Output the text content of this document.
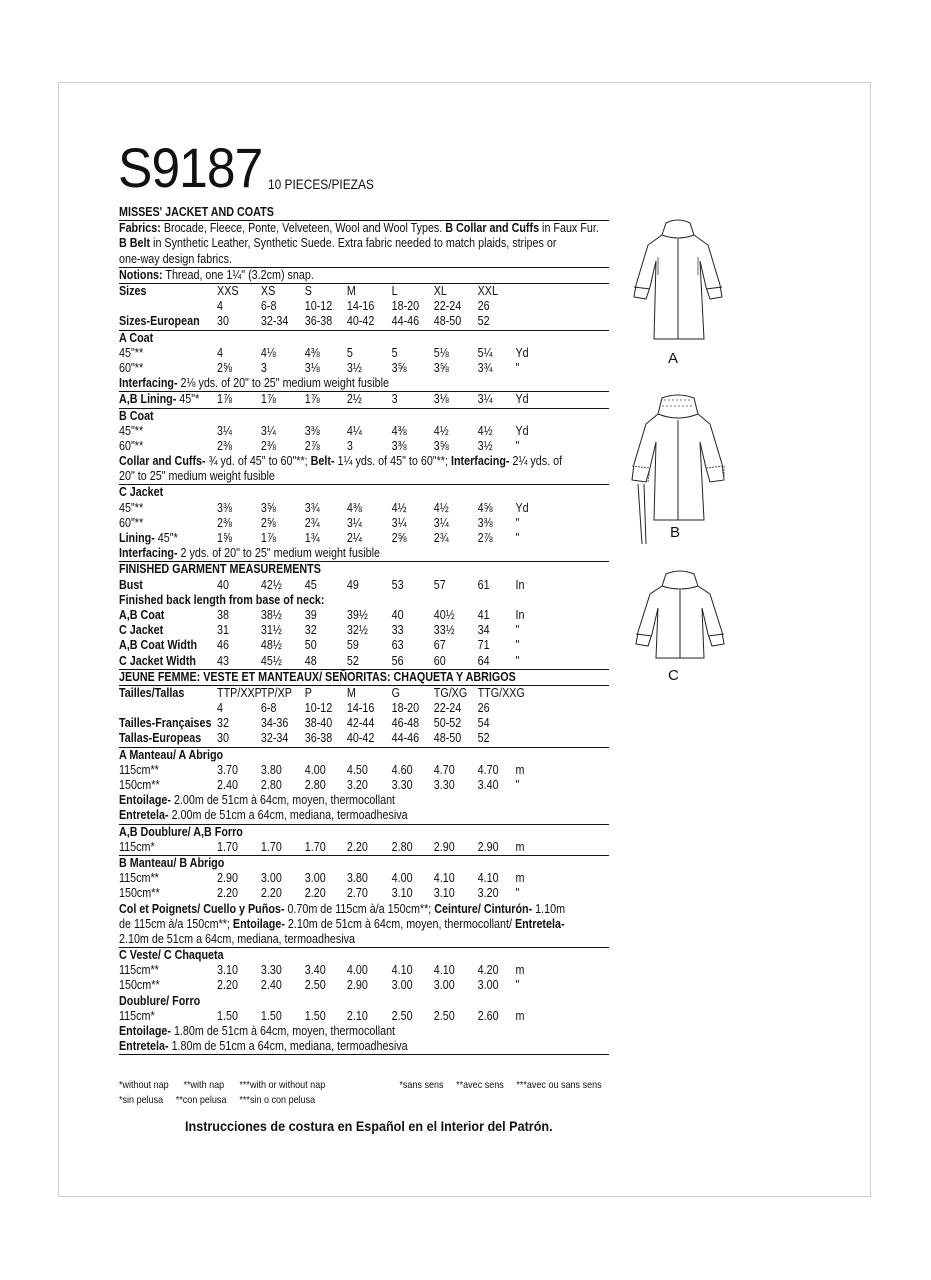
S9187 10 PIECES/PIEZAS
MISSES' JACKET AND COATS
Fabrics: Brocade, Fleece, Ponte, Velveteen, Wool and Wool Types. B Collar and Cuffs in Faux Fur.
B Belt in Synthetic Leather, Synthetic Suede. Extra fabric needed to match plaids, stripes or
one-way design fabrics.
Notions: Thread, one 1¼" (3.2cm) snap.
Sizes	XXS XS S	M	L	XL XXL
4	6-8 10-12 14-16 18-20 22-24 26
Sizes-European 30	32-34 36-38 40-42 44-46 48-50 52
A Coat
45"**	4	4⅛ 4⅜ 5	5	5⅛ 5¼ Yd
60"**	2⅝ 3	3⅛ 3½ 3⅝ 3⅝ 3¾ "
Interfacing- 2⅛ yds. of 20" to 25" medium weight fusible
A,B Lining- 45"* 1⅞ 1⅞ 1⅞ 2½ 3	3⅛ 3¼ Yd
B Coat
45"**	3¼ 3¼ 3⅜ 4¼ 4⅜ 4½ 4½ Yd
60"**	2⅜ 2⅜ 2⅞ 3	3⅜ 3⅝ 3½ "
Collar and Cuffs- ¾ yd. of 45" to 60"**; Belt- 1¼ yds. of 45" to 60"**; Interfacing- 2¼ yds. of
20" to 25" medium weight fusible
C Jacket
45"**	3⅜ 3⅝ 3¾ 4⅜ 4½ 4½ 4⅝ Yd
60"**	2⅜ 2⅝ 2¾ 3¼ 3¼ 3¼ 3⅜ "
Lining- 45"*	1⅝ 1⅞ 1¾ 2¼ 2⅝ 2¾ 2⅞ "
Interfacing- 2 yds. of 20" to 25" medium weight fusible
FINISHED GARMENT MEASUREMENTS
Bust	40	42½ 45 49	53 57	61 In
Finished back length from base of neck:
A,B Coat	38	38½ 39 39½ 40 40½ 41 In
C Jacket	31	31½ 32 32½ 33 33½ 34 "
A,B Coat Width 46	48½ 50 59	63 67	71 "
C Jacket Width 43	45½ 48 52	56 60	64 "
JEUNE FEMME: VESTE ET MANTEAUX/ SEÑORITAS: CHAQUETA Y ABRIGOS
Tailles/Tallas	TTP/XXP TP/XP P	M	G	TG/XG TTG/XXG
4	6-8 10-12 14-16 18-20 22-24 26
Tailles-Françaises 32	34-36 38-40 42-44 46-48 50-52 54
Tallas-Europeas 30	32-34 36-38 40-42 44-46 48-50 52
A Manteau/ A Abrigo
115cm**	3.70 3.80 4.00 4.50 4.60 4.70 4.70 m
150cm**	2.40 2.80 2.80 3.20 3.30 3.30 3.40 "
Entoilage- 2.00m de 51cm à 64cm, moyen, thermocollant
Entretela- 2.00m de 51cm a 64cm, mediana, termoadhesiva
A,B Doublure/ A,B Forro
115cm*	1.70 1.70 1.70 2.20 2.80 2.90 2.90 m
B Manteau/ B Abrigo
115cm**	2.90 3.00 3.00 3.80 4.00 4.10 4.10 m
150cm**	2.20 2.20 2.20 2.70 3.10 3.10 3.20 "
Col et Poignets/ Cuello y Puños- 0.70m de 115cm à/a 150cm**; Ceinture/ Cinturón- 1.10m
de 115cm à/a 150cm**; Entoilage- 2.10m de 51cm à 64cm, moyen, thermocollant/ Entretela-
2.10m de 51cm a 64cm, mediana, termoadhesiva
C Veste/ C Chaqueta
115cm**	3.10 3.30 3.40 4.00 4.10 4.10 4.20 m
150cm**	2.20 2.40 2.50 2.90 3.00 3.00 3.00 "
Doublure/ Forro
115cm*	1.50 1.50 1.50 2.10 2.50 2.50 2.60 m
Entoilage- 1.80m de 51cm à 64cm, moyen, thermocollant
Entretela- 1.80m de 51cm a 64cm, mediana, termoadhesiva
*without nap **with nap ***with or without nap	*sans sens **avec sens ***avec ou sans sens
*sin pelusa **con pelusa ***sin o con pelusa
Instrucciones de costura en Español en el Interior del Patrón.
A
B
C
